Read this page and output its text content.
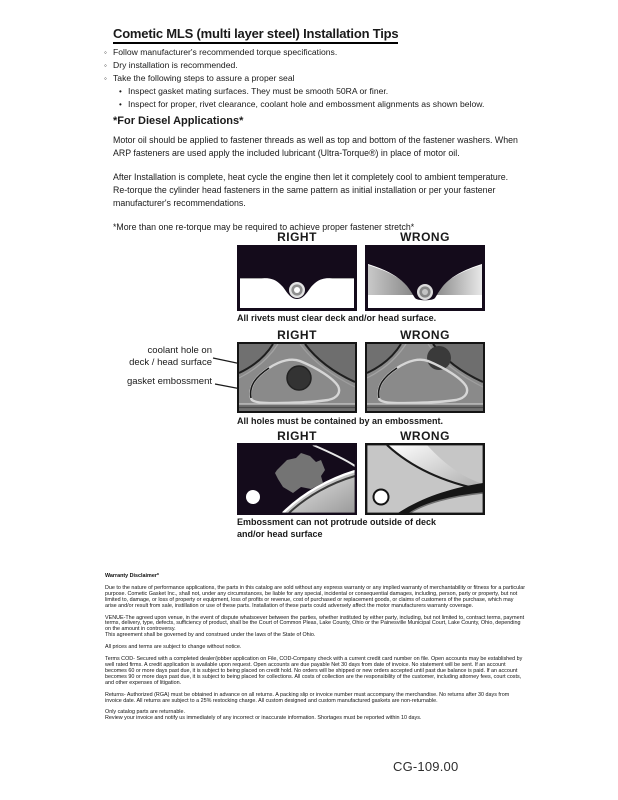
Cometic MLS (multi layer steel) Installation Tips
◦ Follow manufacturer's recommended torque specifications.
◦ Dry installation is recommended.
◦ Take the following steps to assure a proper seal
• Inspect gasket mating surfaces. They must be smooth 50RA or finer.
• Inspect for proper, rivet clearance, coolant hole and embossment alignments as shown below.
*For Diesel Applications*

Motor oil should be applied to fastener threads as well as top and bottom of the fastener washers. When ARP fasteners are used apply the included lubricant (Ultra-Torque®) in place of motor oil.

After Installation is complete, heat cycle the engine then let it completely cool to ambient temperature. Re-torque the cylinder head fasteners in the same pattern as initial installation or per your fastener manufacturer's recommendations.

*More than one re-torque may be required to achieve proper fastener stretch*

RIGHT	WRONG
All rivets must clear deck and/or head surface.
RIGHT	WRONG
coolant hole on
deck / head surface
gasket embossment
All holes must be contained by an embossment.
RIGHT	WRONG
Embossment can not protrude outside of deck
and/or head surface
Warranty Disclaimer*
Due to the nature of performance applications, the parts in this catalog are sold without any express warranty or any implied warranty of merchantability or fitness for a particular purpose. Cometic Gasket Inc., shall not, under any circumstances, be liable for any special, incidental or consequential damages, including, person, party or property, but not limited to, damage, or loss of property or equipment, loss of profits or revenue, cost of purchased or replacement goods, or claims of customers of the purchase, which may arise and/or result from sale, instillation or use of these parts. Installation of these parts could adversely affect the motor manufacturers warranty coverage.
VENUE-The agreed upon venue, in the event of dispute whatsoever between the parties, whether instituted by either party, including, but not limited to, contract terms, payment terms, delivery, type, defects, sufficiency of product, shall be the Court of Common Pleas, Lake County, Ohio or the Painesville Municipal Court, Lake County, Ohio, depending on the amount in controversy.
This agreement shall be governed by and construed under the laws of the State of Ohio.
All prices and terms are subject to change without notice.
Terms COD- Secured with a completed dealer/jobber application on File, COD-Company check with a current credit card number on file. Open accounts may be established by well rated firms. A credit application is available upon request. Open accounts are due payable Net 30 days from date of invoice. No statement will be sent. If an account becomes 60 or more days past due, it is subject to being placed on credit hold. No orders will be shipped or new orders accepted until past due balance is paid. If an account becomes 90 or more days past due, it is subject to being placed for collections. All costs of collection are the responsibility of the customer, including attorney fees, court costs, and other expenses of litigation.
Returns- Authorized (RGA) must be obtained in advance on all returns. A packing slip or invoice number must accompany the merchandise. No returns after 30 days from invoice date. All returns are subject to a 25% restocking charge. All custom designed and custom manufactured gaskets are non-returnable.
Only catalog parts are returnable.
Review your invoice and notify us immediately of any incorrect or inaccurate information. Shortages must be reported within 10 days.
CG-109.00
